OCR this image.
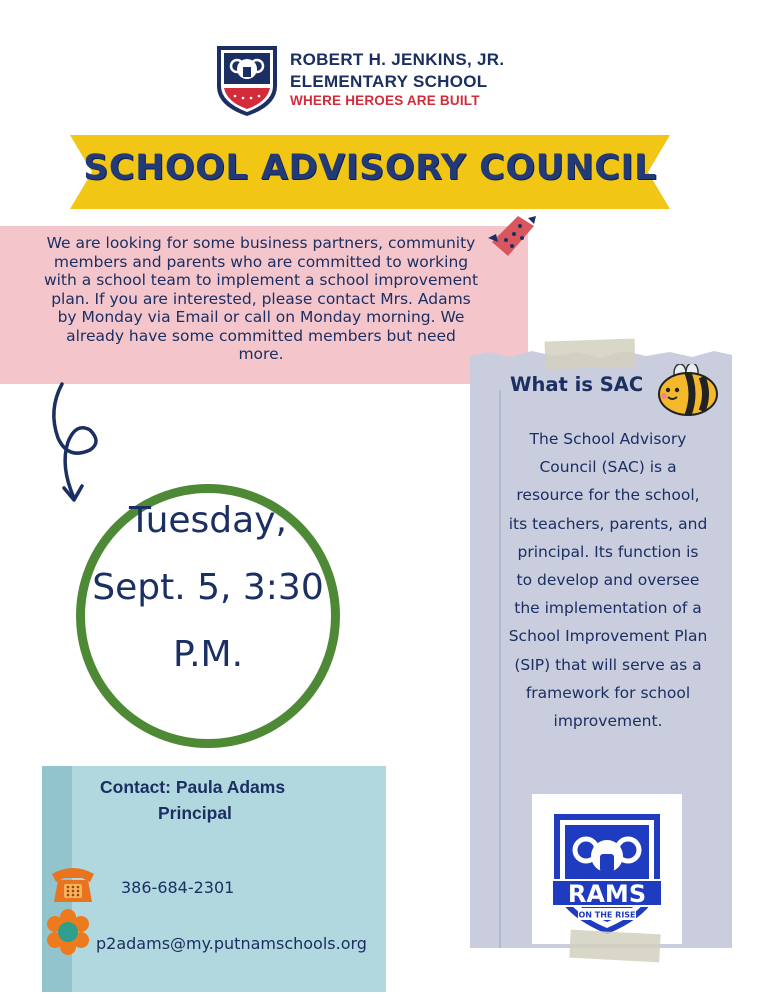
ROBERT H. JENKINS, JR.
ELEMENTARY SCHOOL
WHERE HEROES ARE BUILT
SCHOOL ADVISORY COUNCIL
We are looking for some business partners, community members and parents who are committed to working with a school team to implement a school improvement plan. If you are interested, please contact Mrs. Adams by Monday via Email or call on Monday morning. We already have some committed members but need more.
Tuesday,
Sept. 5, 3:30
P.M.
Contact: Paula Adams
Principal
386-684-2301
p2adams@my.putnamschools.org
What is SAC
The School Advisory Council (SAC) is a resource for the school, its teachers, parents, and principal. Its function is to develop and oversee the implementation of a School Improvement Plan (SIP) that will serve as a framework for school improvement.
RAMS
ON THE RISE
